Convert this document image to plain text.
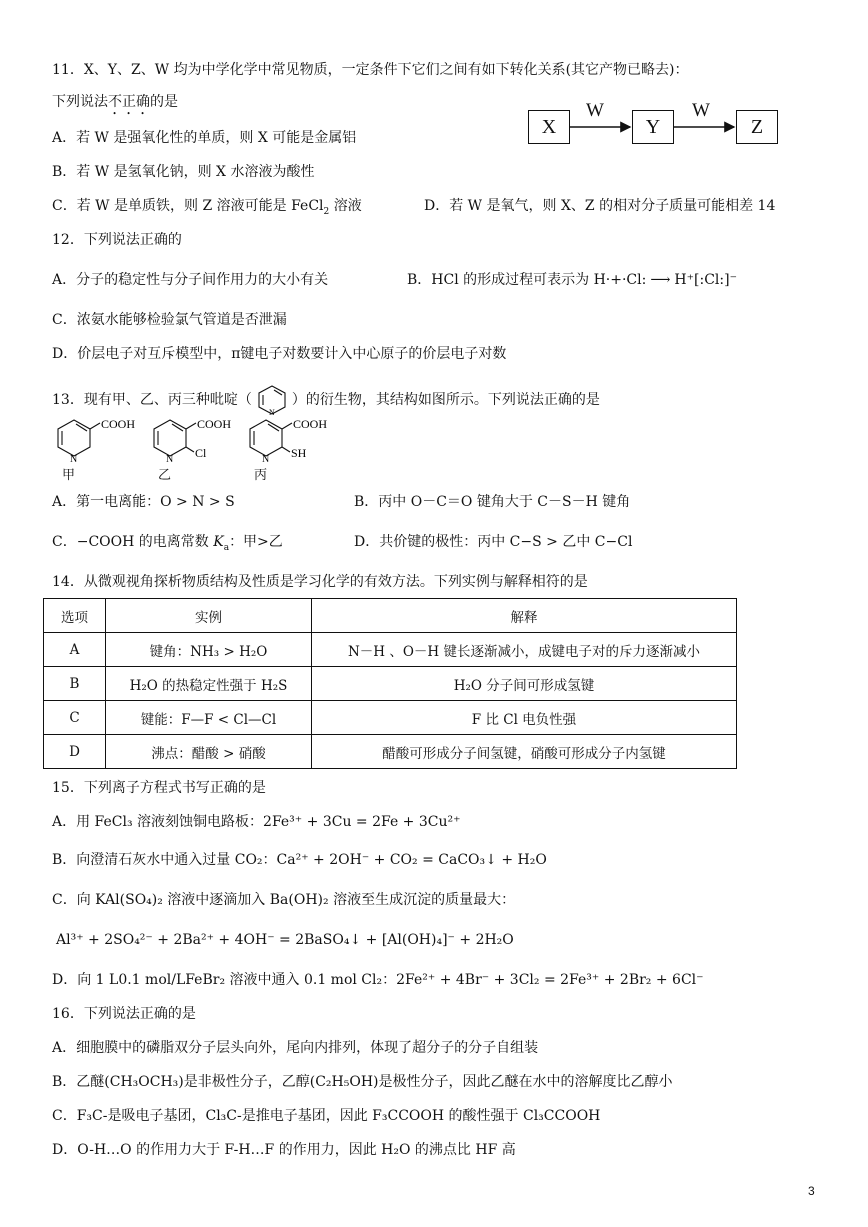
11．X、Y、Z、W 均为中学化学中常见物质，一定条件下它们之间有如下转化关系(其它产物已略去)：
下列说法不正确的是
X	Y	Z
W	W
A．若 W 是强氧化性的单质，则 X 可能是金属铝
B．若 W 是氢氧化钠，则 X 水溶液为酸性
C．若 W 是单质铁，则 Z 溶液可能是 FeCl$_2$ 溶液	D．若 W 是氧气，则 X、Z 的相对分子质量可能相差 14
12．下列说法正确的
A．分子的稳定性与分子间作用力的大小有关	B．HCl 的形成过程可表示为 H·+·Cl: ⟶ H⁺[:Cl:]⁻
C．浓氨水能够检验氯气管道是否泄漏
D．价层电子对互斥模型中，π键电子对数要计入中心原子的价层电子对数
13．现有甲、乙、丙三种吡啶（
N
）的衍生物，其结构如图所示。下列说法正确的是
COOH
N
甲
COOH
Cl
N
乙
COOH
SH
N
丙
A．第一电离能：O > N > S	B．丙中 O－C＝O 键角大于 C－S－H 键角
C．−COOH 的电离常数 $K_a$：甲>乙	D．共价键的极性：丙中 C−S > 乙中 C−Cl
14．从微观视角探析物质结构及性质是学习化学的有效方法。下列实例与解释相符的是
选项	实例	解释
A	键角：NH₃ > H₂O	N－H 、O－H 键长逐渐减小，成键电子对的斥力逐渐减小
B	H₂O 的热稳定性强于 H₂S	H₂O 分子间可形成氢键
C	键能：F—F < Cl—Cl	F 比 Cl 电负性强
D	沸点：醋酸 > 硝酸	醋酸可形成分子间氢键，硝酸可形成分子内氢键
15．下列离子方程式书写正确的是
A．用 FeCl₃ 溶液刻蚀铜电路板：2Fe³⁺ + 3Cu = 2Fe + 3Cu²⁺
B．向澄清石灰水中通入过量 CO₂：Ca²⁺ + 2OH⁻ + CO₂ = CaCO₃↓ + H₂O
C．向 KAl(SO₄)₂ 溶液中逐滴加入 Ba(OH)₂ 溶液至生成沉淀的质量最大：
Al³⁺ + 2SO₄²⁻ + 2Ba²⁺ + 4OH⁻ = 2BaSO₄↓ + [Al(OH)₄]⁻ + 2H₂O
D．向 1 L0.1 mol/LFeBr₂ 溶液中通入 0.1 mol Cl₂：2Fe²⁺ + 4Br⁻ + 3Cl₂ = 2Fe³⁺ + 2Br₂ + 6Cl⁻
16．下列说法正确的是
A．细胞膜中的磷脂双分子层头向外，尾向内排列，体现了超分子的分子自组装
B．乙醚(CH₃OCH₃)是非极性分子，乙醇(C₂H₅OH)是极性分子，因此乙醚在水中的溶解度比乙醇小
C．F₃C-是吸电子基团，Cl₃C-是推电子基团，因此 F₃CCOOH 的酸性强于 Cl₃CCOOH
D．O-H…O 的作用力大于 F-H…F 的作用力，因此 H₂O 的沸点比 HF 高
3
